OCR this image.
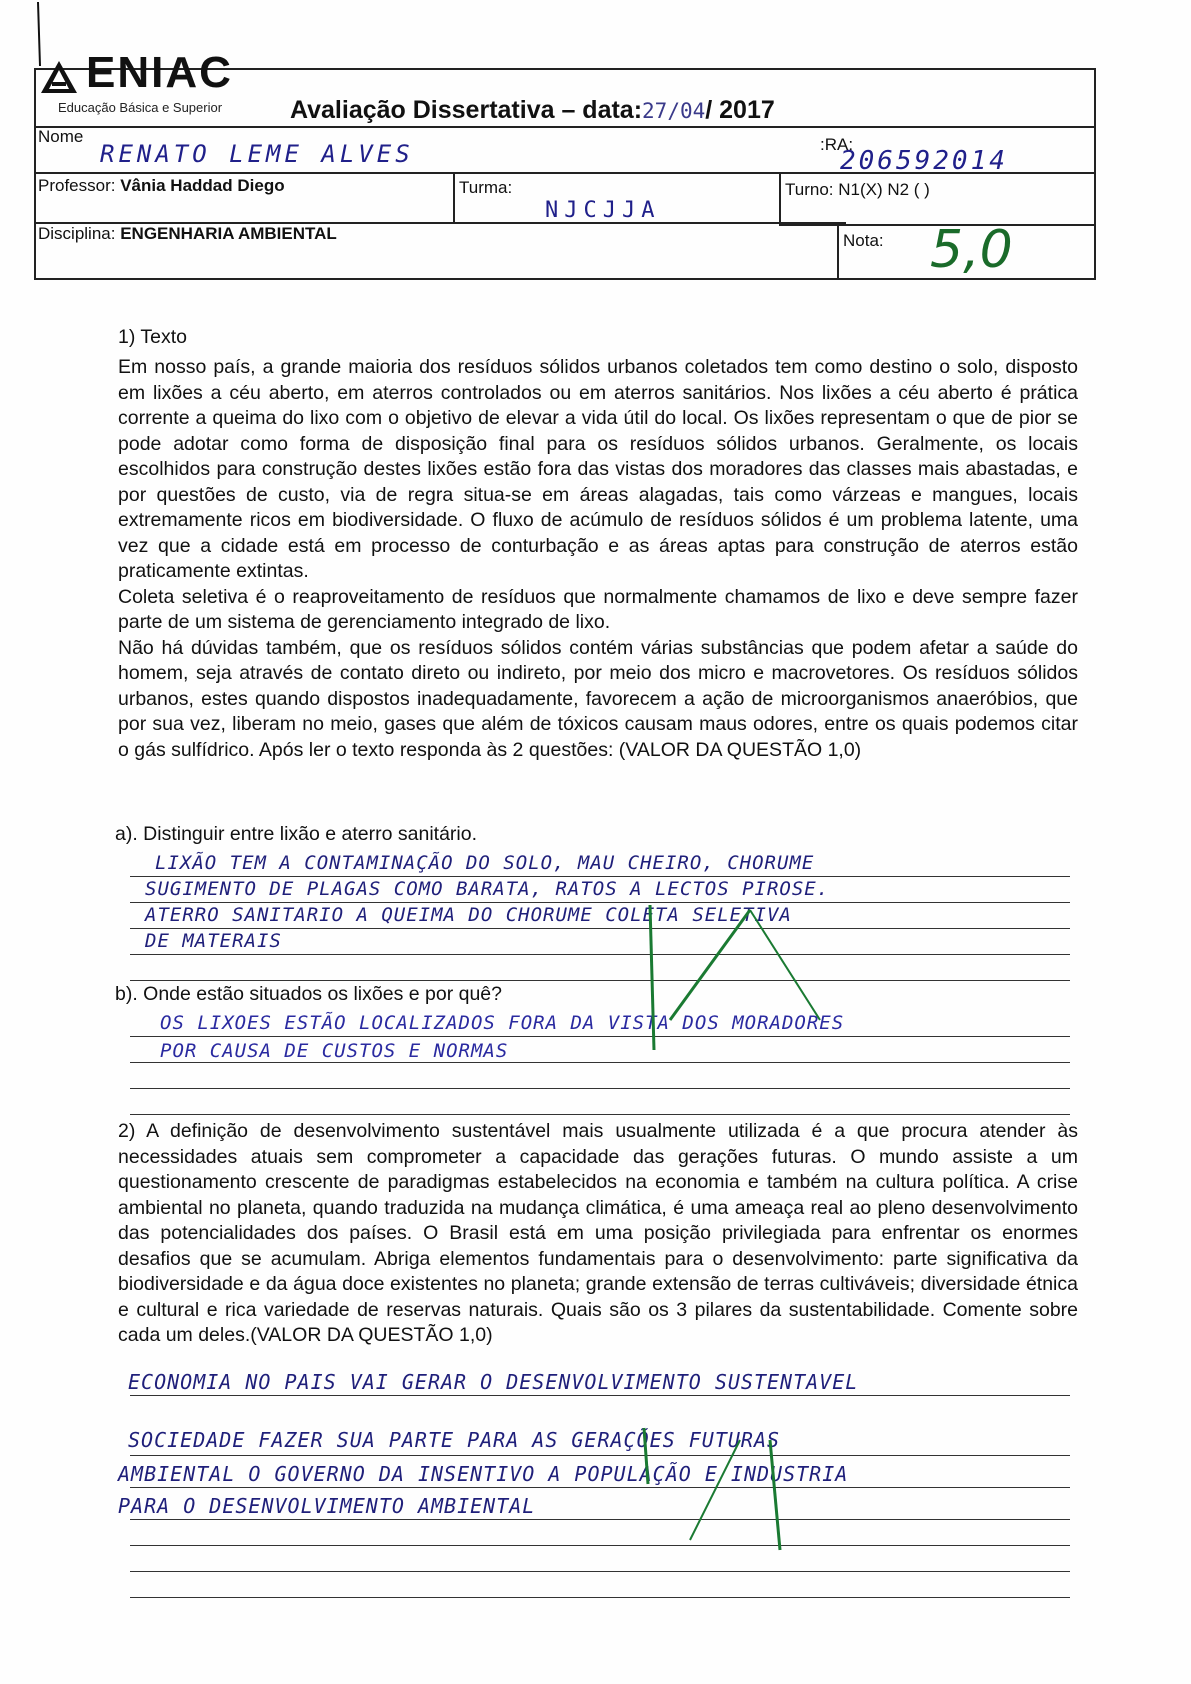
ENIAC
Educação Básica e Superior	Avaliação Dissertativa – data:27/04/ 2017
Nome
RENATO LEME ALVES	:RA:
206592014
Professor: Vânia Haddad Diego	Turma:
NJCJJA
Turno: N1(X) N2 ( )
Disciplina: ENGENHARIA AMBIENTAL	Nota: 5,0
1) Texto

Em nosso país, a grande maioria dos resíduos sólidos urbanos coletados tem como destino o solo, disposto em lixões a céu aberto, em aterros controlados ou em aterros sanitários. Nos lixões a céu aberto é prática corrente a queima do lixo com o objetivo de elevar a vida útil do local. Os lixões representam o que de pior se pode adotar como forma de disposição final para os resíduos sólidos urbanos. Geralmente, os locais escolhidos para construção destes lixões estão fora das vistas dos moradores das classes mais abastadas, e por questões de custo, via de regra situa-se em áreas alagadas, tais como várzeas e mangues, locais extremamente ricos em biodiversidade. O fluxo de acúmulo de resíduos sólidos é um problema latente, uma vez que a cidade está em processo de conturbação e as áreas aptas para construção de aterros estão praticamente extintas.

Coleta seletiva é o reaproveitamento de resíduos que normalmente chamamos de lixo e deve sempre fazer parte de um sistema de gerenciamento integrado de lixo.

Não há dúvidas também, que os resíduos sólidos contém várias substâncias que podem afetar a saúde do homem, seja através de contato direto ou indireto, por meio dos micro e macrovetores. Os resíduos sólidos urbanos, estes quando dispostos inadequadamente, favorecem a ação de microorganismos anaeróbios, que por sua vez, liberam no meio, gases que além de tóxicos causam maus odores, entre os quais podemos citar o gás sulfídrico. Após ler o texto responda às 2 questões: (VALOR DA QUESTÃO 1,0)

a). Distinguir entre lixão e aterro sanitário.
LIXÃO TEM A CONTAMINAÇÃO DO SOLO, MAU CHEIRO, CHORUME
SUGIMENTO DE PLAGAS COMO BARATA, RATOS A LECTOS PIROSE.
ATERRO SANITARIO A QUEIMA DO CHORUME COLETA SELETIVA
DE MATERAIS
b). Onde estão situados os lixões e por quê?
OS LIXOES ESTÃO LOCALIZADOS FORA DA VISTA DOS MORADORES
POR CAUSA DE CUSTOS E NORMAS
2) A definição de desenvolvimento sustentável mais usualmente utilizada é a que procura atender às necessidades atuais sem comprometer a capacidade das gerações futuras. O mundo assiste a um questionamento crescente de paradigmas estabelecidos na economia e também na cultura política. A crise ambiental no planeta, quando traduzida na mudança climática, é uma ameaça real ao pleno desenvolvimento das potencialidades dos países. O Brasil está em uma posição privilegiada para enfrentar os enormes desafios que se acumulam. Abriga elementos fundamentais para o desenvolvimento: parte significativa da biodiversidade e da água doce existentes no planeta; grande extensão de terras cultiváveis; diversidade étnica e cultural e rica variedade de reservas naturais. Quais são os 3 pilares da sustentabilidade. Comente sobre cada um deles.(VALOR DA QUESTÃO 1,0)
ECONOMIA NO PAIS VAI GERAR O DESENVOLVIMENTO SUSTENTAVEL
SOCIEDADE FAZER SUA PARTE PARA AS GERAÇÕES FUTURAS
AMBIENTAL O GOVERNO DA INSENTIVO A POPULAÇÃO E INDUSTRIA
PARA O DESENVOLVIMENTO AMBIENTAL
